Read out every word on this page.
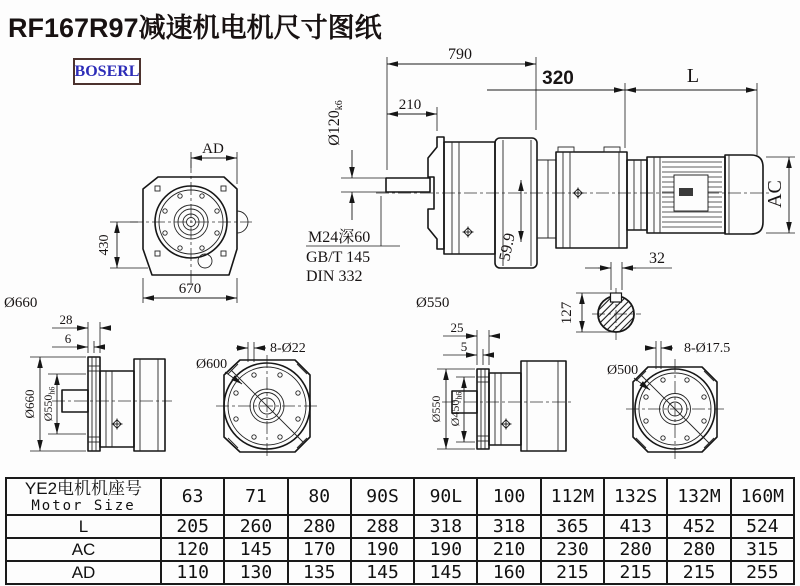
RF167R97减速机电机尺寸图纸
BOSERL
AD
430
670
Ø120k6
59.9
790
210
320	L
AC
M24深60
GB/T 145
DIN 332
Ø550
32
127
Ø660
28
6
Ø660 $Ø550_{h6}$
8-Ø22
Ø600
25
5
Ø550 $Ø450_{h6}$
8-Ø17.5
Ø500
YE2电机机座号
Motor Size	63	71	80	90S	90L	100	112M	132S	132M	160M
L	205	260	280	288	318	318	365	413	452	524
AC	120	145	170	190	190	210	230	280	280	315
AD	110	130	135	145	145	160	215	215	215	255
